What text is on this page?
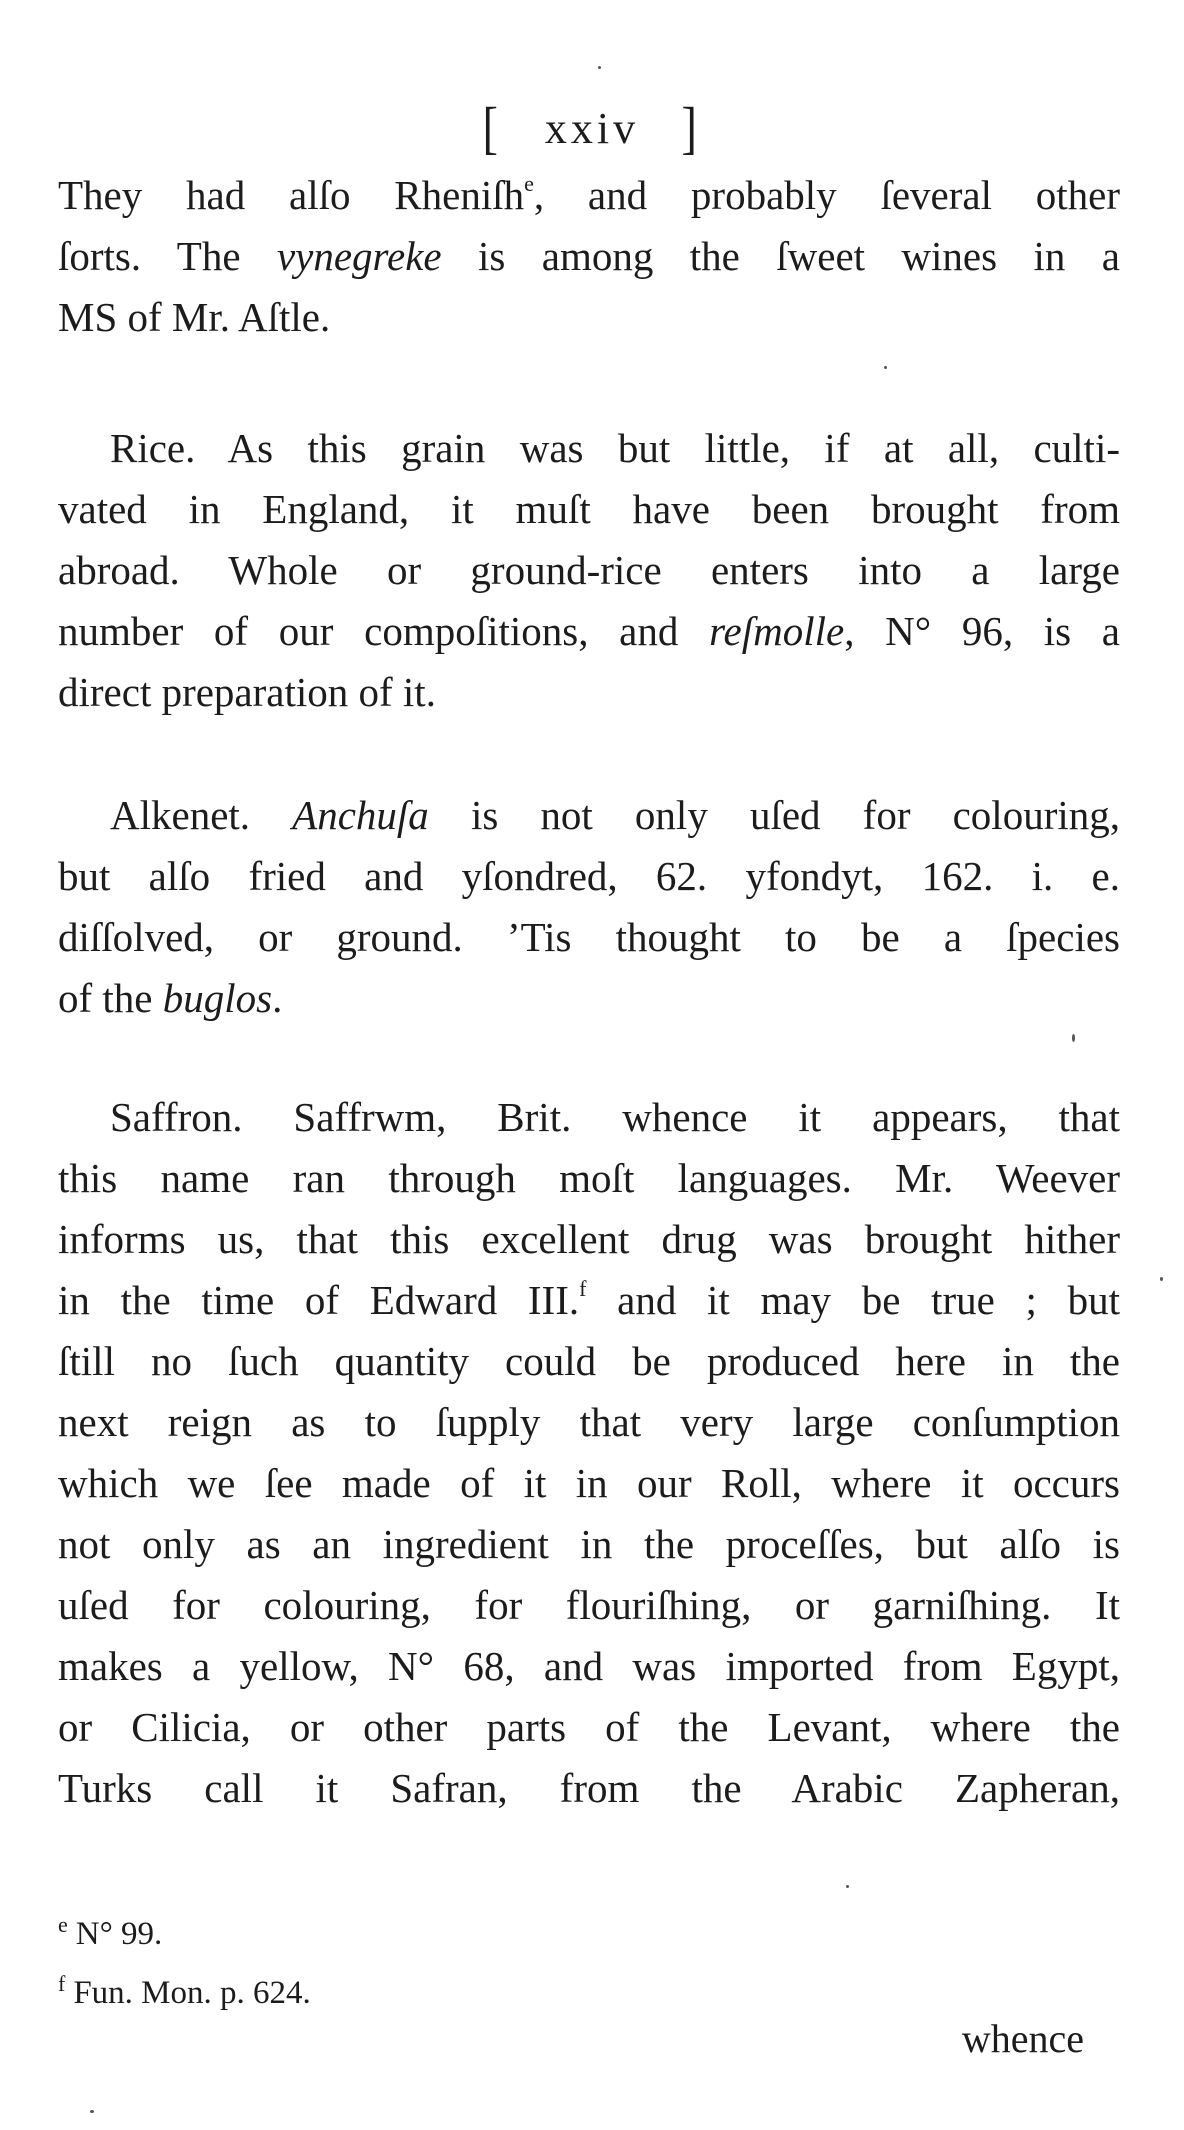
[ xxiv ]
They had alſo Rheniſh$^e$, and probably ſeveral other
ſorts. The vynegreke is among the ſweet wines in a
MS of Mr. Aſtle.
Rice. As this grain was but little, if at all, culti-
vated in England, it muſt have been brought from
abroad. Whole or ground-rice enters into a large
number of our compoſitions, and reſmolle, N° 96, is a
direct preparation of it.
Alkenet. Anchuſa is not only uſed for colouring,
but alſo fried and yſondred, 62. yfondyt, 162. i. e.
diſſolved, or ground. ’Tis thought to be a ſpecies
of the buglos.
Saffron. Saffrwm, Brit. whence it appears, that
this name ran through moſt languages. Mr. Weever
informs us, that this excellent drug was brought hither
in the time of Edward III.$^f$ and it may be true ; but
ſtill no ſuch quantity could be produced here in the
next reign as to ſupply that very large conſumption
which we ſee made of it in our Roll, where it occurs
not only as an ingredient in the proceſſes, but alſo is
uſed for colouring, for flouriſhing, or garniſhing. It
makes a yellow, N° 68, and was imported from Egypt,
or Cilicia, or other parts of the Levant, where the
Turks call it Safran, from the Arabic Zapheran,
$^e$ N° 99.
$^f$ Fun. Mon. p. 624.
whence
